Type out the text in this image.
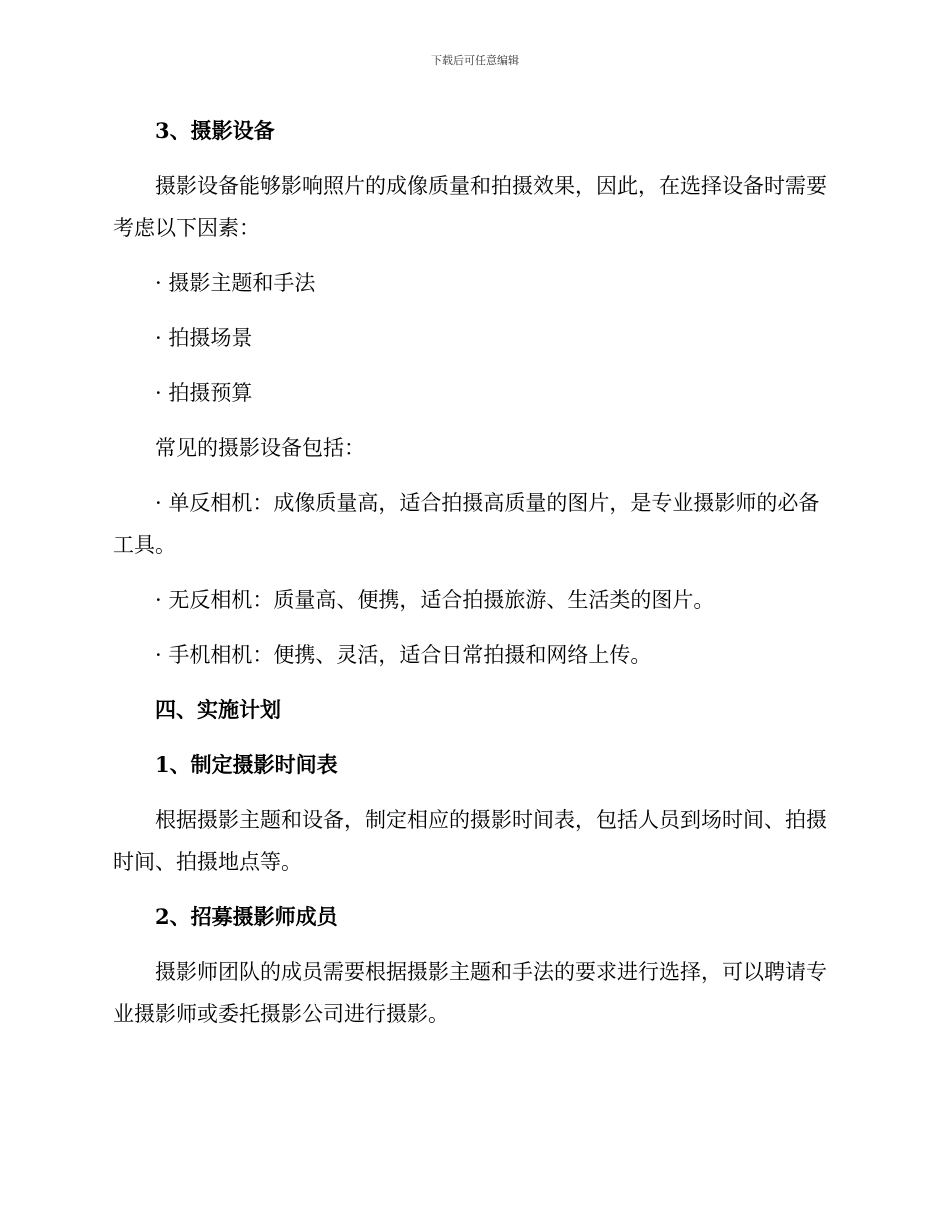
下载后可任意编辑

3、摄影设备

摄影设备能够影响照片的成像质量和拍摄效果，因此，在选择设备时需要考虑以下因素：

· 摄影主题和手法

· 拍摄场景

· 拍摄预算

常见的摄影设备包括：

· 单反相机：成像质量高，适合拍摄高质量的图片，是专业摄影师的必备工具。

· 无反相机：质量高、便携，适合拍摄旅游、生活类的图片。

· 手机相机：便携、灵活，适合日常拍摄和网络上传。

四、实施计划

1、制定摄影时间表

根据摄影主题和设备，制定相应的摄影时间表，包括人员到场时间、拍摄时间、拍摄地点等。

2、招募摄影师成员

摄影师团队的成员需要根据摄影主题和手法的要求进行选择，可以聘请专业摄影师或委托摄影公司进行摄影。
